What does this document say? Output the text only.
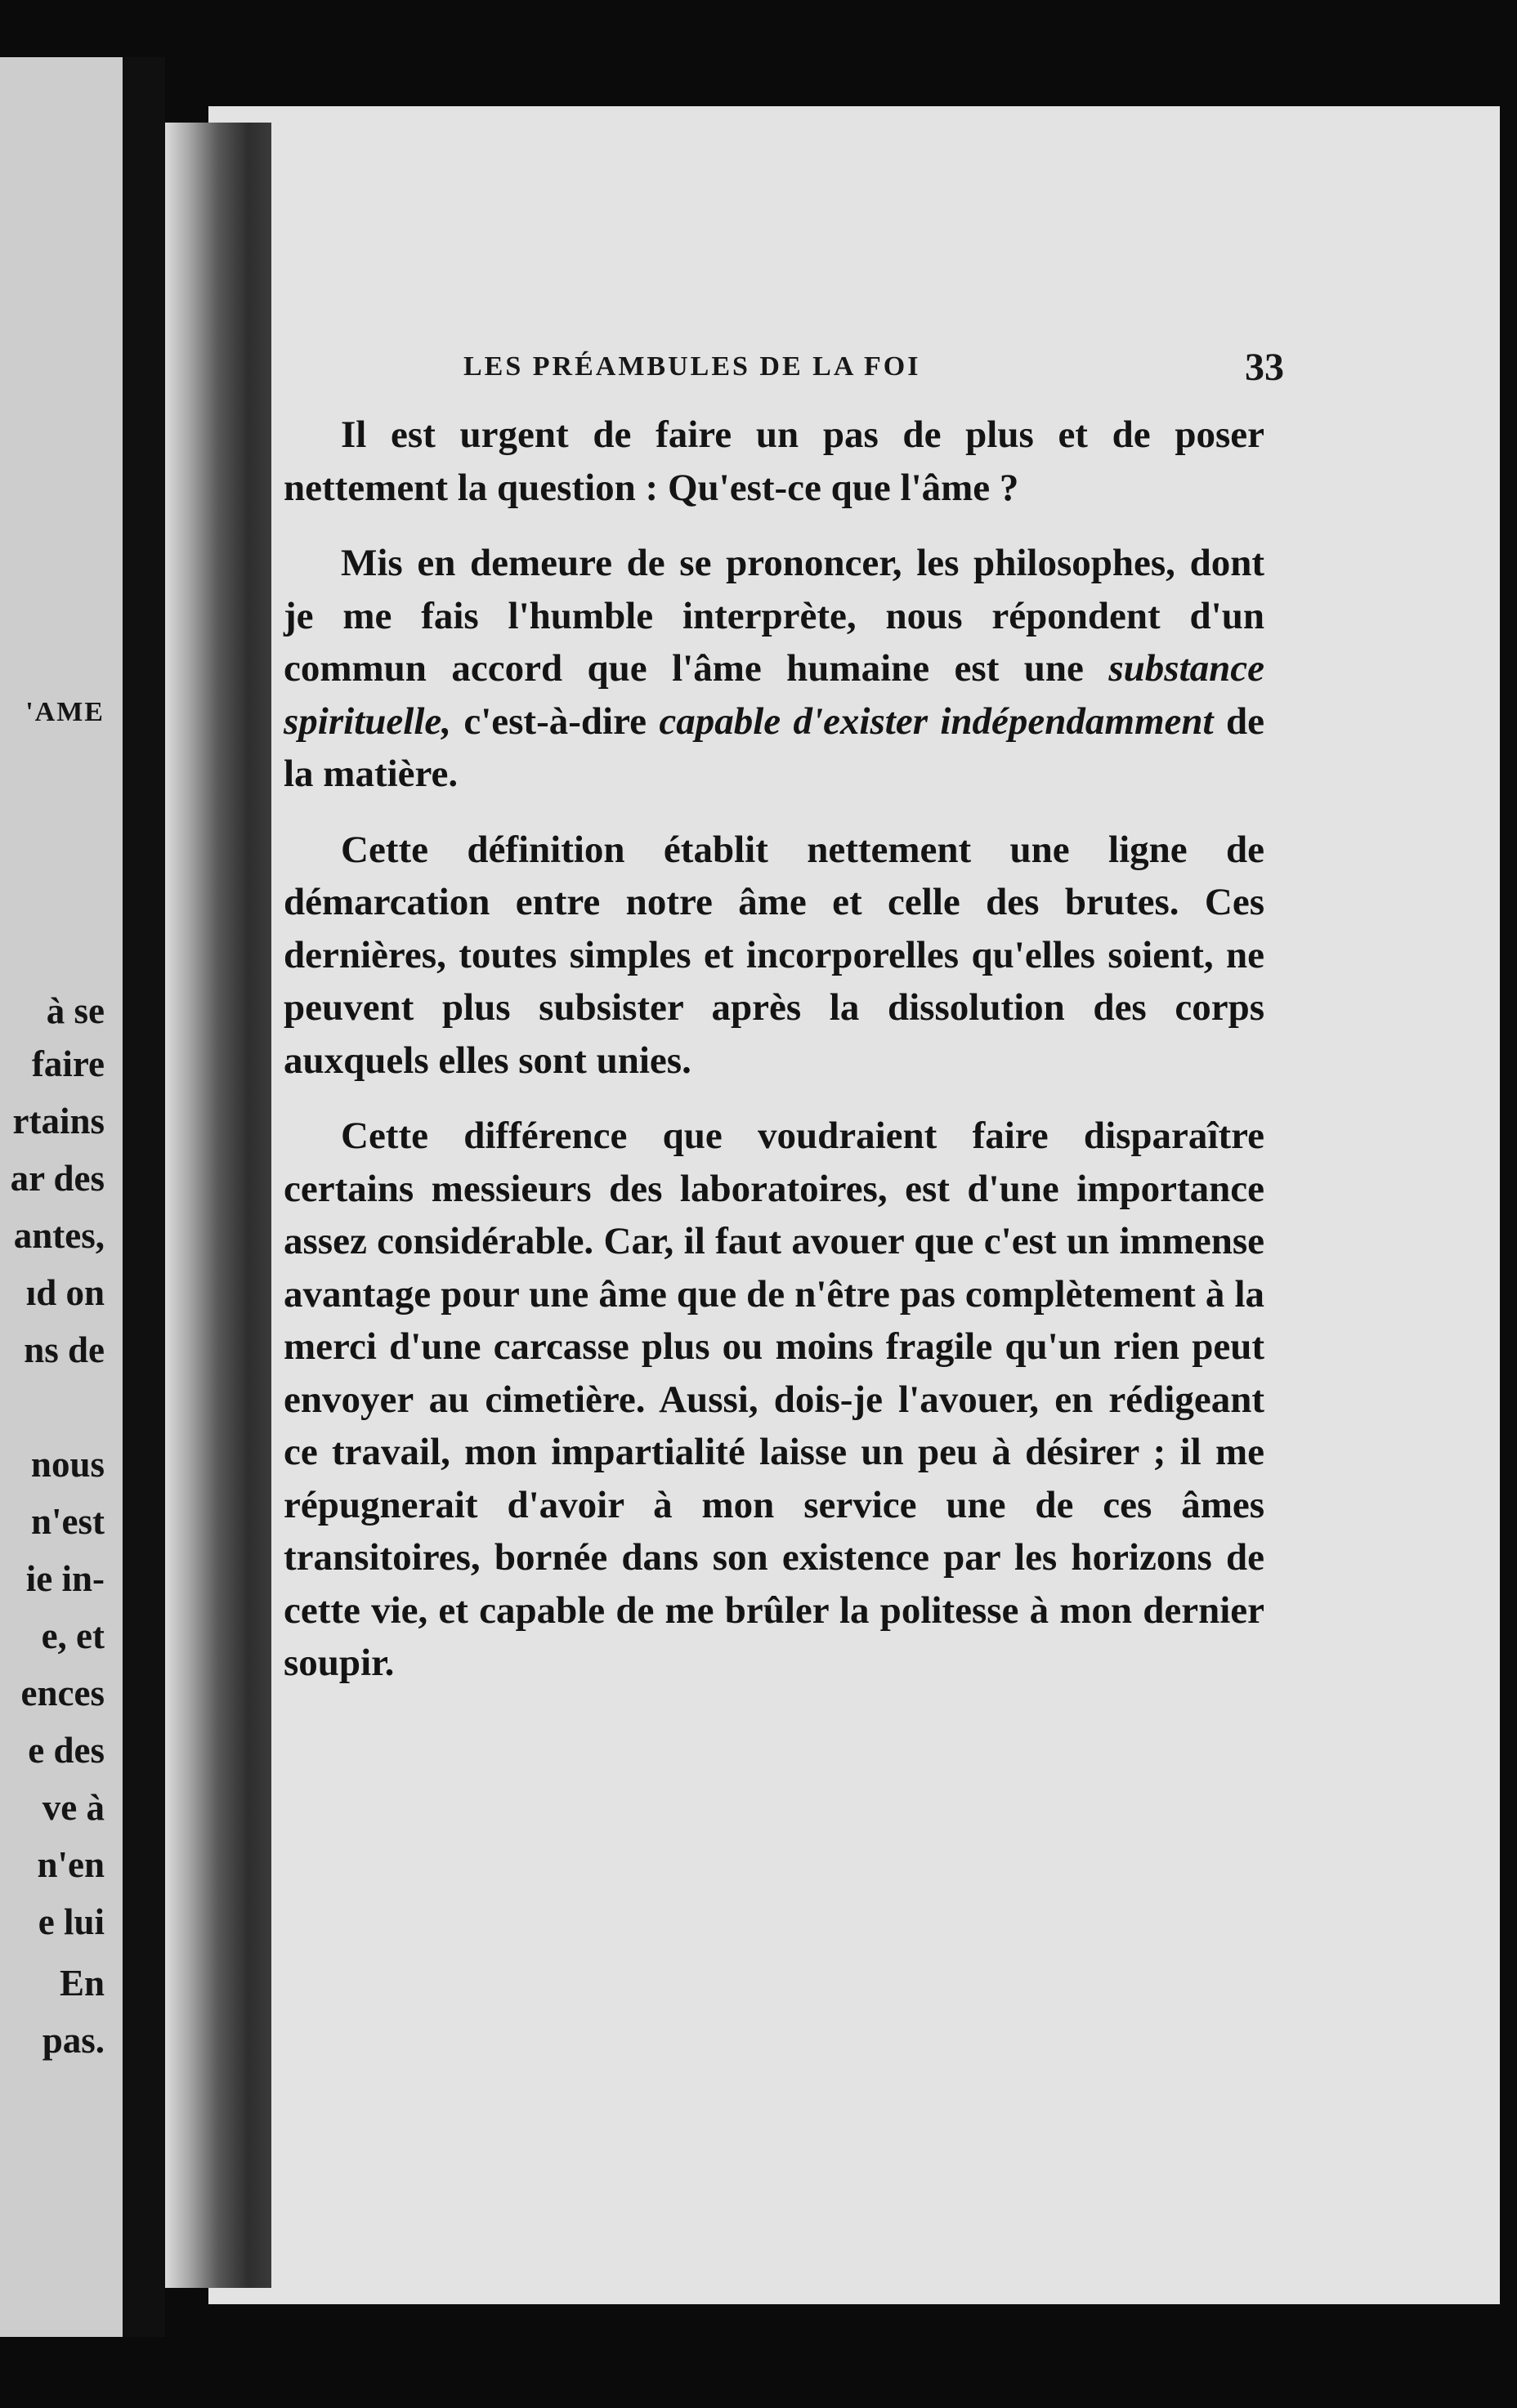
'AME
à se
faire
rtains
ar des
antes,
ıd on
ns de
nous
n'est
ie in-
e, et
ences
e des
ve à
n'en
e lui
En
pas.
LES PRÉAMBULES DE LA FOI	33

Il est urgent de faire un pas de plus et de poser nettement la question : Qu'est-ce que l'âme ?

Mis en demeure de se prononcer, les philosophes, dont je me fais l'humble interprète, nous répondent d'un commun accord que l'âme humaine est une substance spirituelle, c'est-à-dire capable d'exister indépendamment de la matière.

Cette définition établit nettement une ligne de démarcation entre notre âme et celle des brutes. Ces dernières, toutes simples et incorporelles qu'elles soient, ne peuvent plus subsister après la dissolution des corps auxquels elles sont unies.

Cette différence que voudraient faire disparaître certains messieurs des laboratoires, est d'une importance assez considérable. Car, il faut avouer que c'est un immense avantage pour une âme que de n'être pas complètement à la merci d'une carcasse plus ou moins fragile qu'un rien peut envoyer au cimetière. Aussi, dois-je l'avouer, en rédigeant ce travail, mon impartialité laisse un peu à désirer ; il me répugnerait d'avoir à mon service une de ces âmes transitoires, bornée dans son existence par les horizons de cette vie, et capable de me brûler la politesse à mon dernier soupir.
